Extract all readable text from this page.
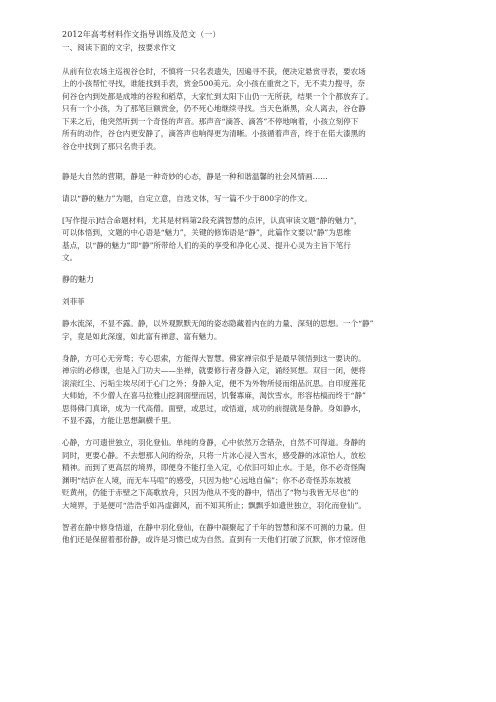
2012年高考材料作文指导训练及范文（一）
一、阅读下面的文字，按要求作文
从前有位农场主巡视谷仓时，不慎将一只名表遗失，因遍寻不获，便决定悬赏寻表，要农场
上的小孩帮忙寻找，谁能找到手表，赏金500美元。众小孩在重赏之下，无不卖力搜寻，奈
何谷仓内到处都是成堆的谷粒和稻草，大家忙到太阳下山仍一无所获，结果一个个都放弃了。
只有一个小孩，为了那笔巨额赏金，仍不死心地继续寻找。当天色渐黑，众人离去，谷仓静
下来之后，他突然听到一个奇怪的声音。那声音“滴答、滴答”不停地响着，小孩立刻停下
所有的动作，谷仓内更安静了，滴答声也响得更为清晰。小孩循着声音，终于在偌大漆黑的
谷仓中找到了那只名贵手表。
静是大自然的营期，静是一种奇妙的心态，静是一种和谐温馨的社会风情画……
请以“静的魅力”为题，自定立意，自选文体，写一篇不少于800字的作文。
[写作提示]结合命题材料，尤其是材料第2段充满智慧的点评，认真审读文题“静的魅力”，
可以体悟到，文题的中心语是“魅力”，关键的修饰语是“静”，此篇作文要以“静”为思维
基点，以“静的魅力”即“静”所带给人们的美的享受和净化心灵、提升心灵为主旨下笔行
文。
静的魅力
刘菲菲
静水流深，不显不露。静，以外观默默无闻的姿态隐藏着内在的力量、深刻的思想。一个“静”
字，竟是如此深邃，如此富有禅意、富有魅力。
身静，方可心无旁骛；专心思索，方能得大智慧。佛家禅宗似乎是最早领悟到这一要诀的。
禅宗的必修课，也是入门功夫——坐禅，就要修行者身静入定，诵经冥想。双目一闭，便将
滚滚红尘、污垢尘埃尽闭于心门之外；身静入定，便不为外物所侵而细品沉思。自印度莲花
大师始，不少僧人在喜马拉雅山挖洞面壁而居，饥餐寡麻，渴饮雪水，形容枯槁而终于“静”
思得佛门真谛，成为一代高僧。面壁，或思过，或悟道，成功的前提就是身静。身如静水，
不显不露，方能让思想飙横千里。
心静，方可遗世独立，羽化登仙。单纯的身静，心中依然万念错杂，自然不可得道。身静的
同时，更要心静。不去想那人间的纷杂，只将一片冰心浸入雪水，感受静的冰凉怡人，放松
精神。而到了更高层的境界，即便身不能打坐入定，心依旧可如止水。于是，你不必奇怪陶
渊明“结庐在人境，而无车马喧”的感受，只因为他“心远地自偏”；你不必奇怪苏东坡被
贬黄州，仍能于赤壁之下高歌放舟，只因为他从不变的静中，悟出了“物与我皆无尽也”的
大境界，于是便可“浩浩乎如冯虚御风，而不知其所止；飘飘乎如遗世独立，羽化而登仙”。
智者在静中修身悟道，在静中羽化登仙，在静中凝聚起了千年的智慧和深不可测的力量。但
他们还是保留着那份静，或许是习惯已成为自然。直到有一天他们打破了沉默，你才惊讶他
